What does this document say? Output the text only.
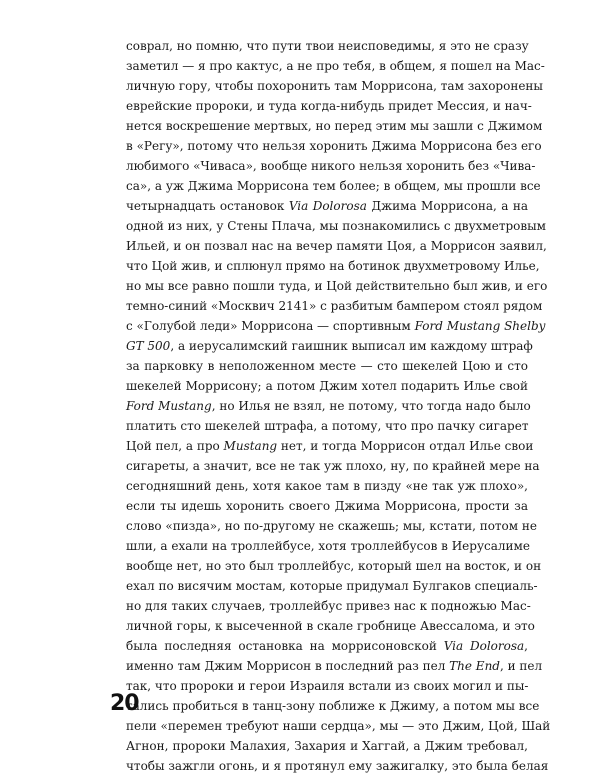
соврал, но помню, что пути твои неисповедимы, я это не сразу
заметил — я про кактус, а не про тебя, в общем, я пошел на Мас-
личную гору, чтобы похоронить там Моррисона, там захоронены
еврейские пророки, и туда когда-нибудь придет Мессия, и нач-
нется воскрешение мертвых, но перед этим мы зашли с Джимом
в «Регу», потому что нельзя хоронить Джима Моррисона без его
любимого «Чиваса», вообще никого нельзя хоронить без «Чива-
са», а уж Джима Моррисона тем более; в общем, мы прошли все
четырнадцать остановок Via Dolorosa Джима Моррисона, а на
одной из них, у Стены Плача, мы познакомились с двухметровым
Ильей, и он позвал нас на вечер памяти Цоя, а Моррисон заявил,
что Цой жив, и сплюнул прямо на ботинок двухметровому Илье,
но мы все равно пошли туда, и Цой действительно был жив, и его
темно-синий «Москвич 2141» с разбитым бампером стоял рядом
с «Голубой леди» Моррисона — спортивным Ford Mustang Shelby
GT 500, а иерусалимский гаишник выписал им каждому штраф
за парковку в неположенном месте — сто шекелей Цою и сто
шекелей Моррисону; а потом Джим хотел подарить Илье свой
Ford Mustang, но Илья не взял, не потому, что тогда надо было
платить сто шекелей штрафа, а потому, что про пачку сигарет
Цой пел, а про Mustang нет, и тогда Моррисон отдал Илье свои
сигареты, а значит, все не так уж плохо, ну, по крайней мере на
сегодняшний день, хотя какое там в пизду «не так уж плохо»,
если ты идешь хоронить своего Джима Моррисона, прости за
слово «пизда», но по-другому не скажешь; мы, кстати, потом не
шли, а ехали на троллейбусе, хотя троллейбусов в Иерусалиме
вообще нет, но это был троллейбус, который шел на восток, и он
ехал по висячим мостам, которые придумал Булгаков специаль-
но для таких случаев, троллейбус привез нас к подножью Мас-
личной горы, к высеченной в скале гробнице Авессалома, и это
была последняя остановка на моррисоновской Via Dolorosa,
именно там Джим Моррисон в последний раз пел The End, и пел
так, что пророки и герои Израиля встали из своих могил и пы-
тались пробиться в танц-зону поближе к Джиму, а потом мы все
пели «перемен требуют наши сердца», мы — это Джим, Цой, Шай
Агнон, пророки Малахия, Захария и Хаггай, а Джим требовал,
чтобы зажгли огонь, и я протянул ему зажигалку, это была белая
20
